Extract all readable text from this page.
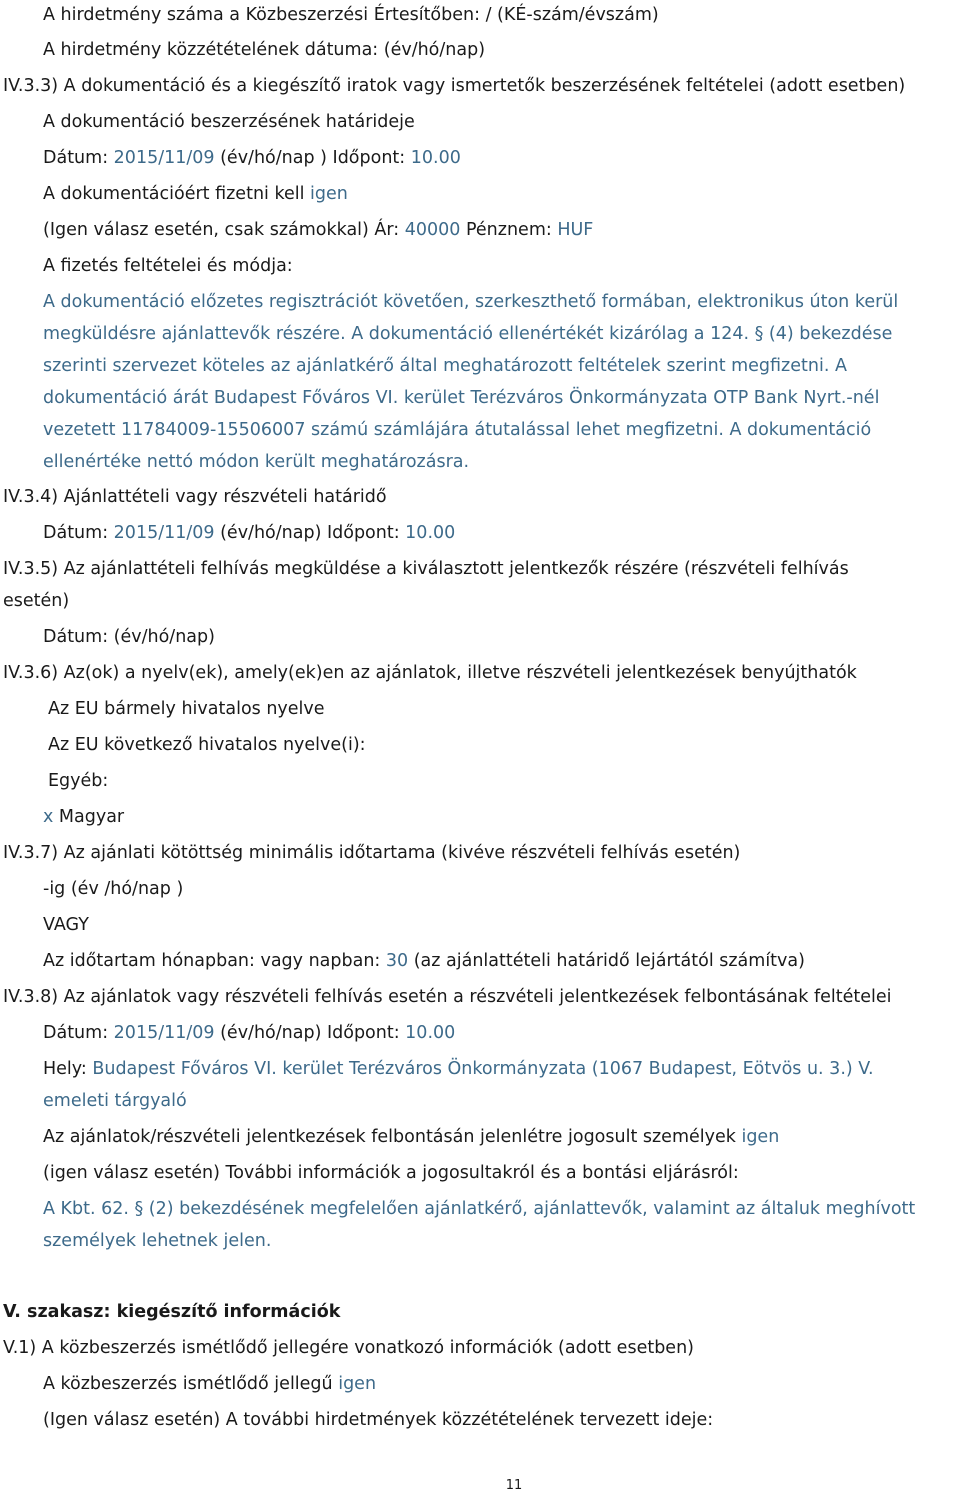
A hirdetmény száma a Közbeszerzési Értesítőben: / (KÉ-szám/évszám)
A hirdetmény közzétételének dátuma: (év/hó/nap)
IV.3.3) A dokumentáció és a kiegészítő iratok vagy ismertetők beszerzésének feltételei (adott esetben)
A dokumentáció beszerzésének határideje
Dátum: 2015/11/09 (év/hó/nap ) Időpont: 10.00
A dokumentációért fizetni kell igen
(Igen válasz esetén, csak számokkal) Ár: 40000 Pénznem: HUF
A fizetés feltételei és módja:
A dokumentáció előzetes regisztrációt követően, szerkeszthető formában, elektronikus úton kerül
megküldésre ajánlattevők részére. A dokumentáció ellenértékét kizárólag a 124. § (4) bekezdése
szerinti szervezet köteles az ajánlatkérő által meghatározott feltételek szerint megfizetni. A
dokumentáció árát Budapest Főváros VI. kerület Terézváros Önkormányzata OTP Bank Nyrt.-nél
vezetett 11784009-15506007 számú számlájára átutalással lehet megfizetni. A dokumentáció
ellenértéke nettó módon került meghatározásra.
IV.3.4) Ajánlattételi vagy részvételi határidő
Dátum: 2015/11/09 (év/hó/nap) Időpont: 10.00
IV.3.5) Az ajánlattételi felhívás megküldése a kiválasztott jelentkezők részére (részvételi felhívás
esetén)
Dátum: (év/hó/nap)
IV.3.6) Az(ok) a nyelv(ek), amely(ek)en az ajánlatok, illetve részvételi jelentkezések benyújthatók
Az EU bármely hivatalos nyelve
Az EU következő hivatalos nyelve(i):
Egyéb:
x Magyar
IV.3.7) Az ajánlati kötöttség minimális időtartama (kivéve részvételi felhívás esetén)
-ig (év /hó/nap )
VAGY
Az időtartam hónapban: vagy napban: 30 (az ajánlattételi határidő lejártától számítva)
IV.3.8) Az ajánlatok vagy részvételi felhívás esetén a részvételi jelentkezések felbontásának feltételei
Dátum: 2015/11/09 (év/hó/nap) Időpont: 10.00
Hely: Budapest Főváros VI. kerület Terézváros Önkormányzata (1067 Budapest, Eötvös u. 3.) V.
emeleti tárgyaló
Az ajánlatok/részvételi jelentkezések felbontásán jelenlétre jogosult személyek igen
(igen válasz esetén) További információk a jogosultakról és a bontási eljárásról:
A Kbt. 62. § (2) bekezdésének megfelelően ajánlatkérő, ajánlattevők, valamint az általuk meghívott
személyek lehetnek jelen.
V. szakasz: kiegészítő információk
V.1) A közbeszerzés ismétlődő jellegére vonatkozó információk (adott esetben)
A közbeszerzés ismétlődő jellegű igen
(Igen válasz esetén) A további hirdetmények közzétételének tervezett ideje:
11
